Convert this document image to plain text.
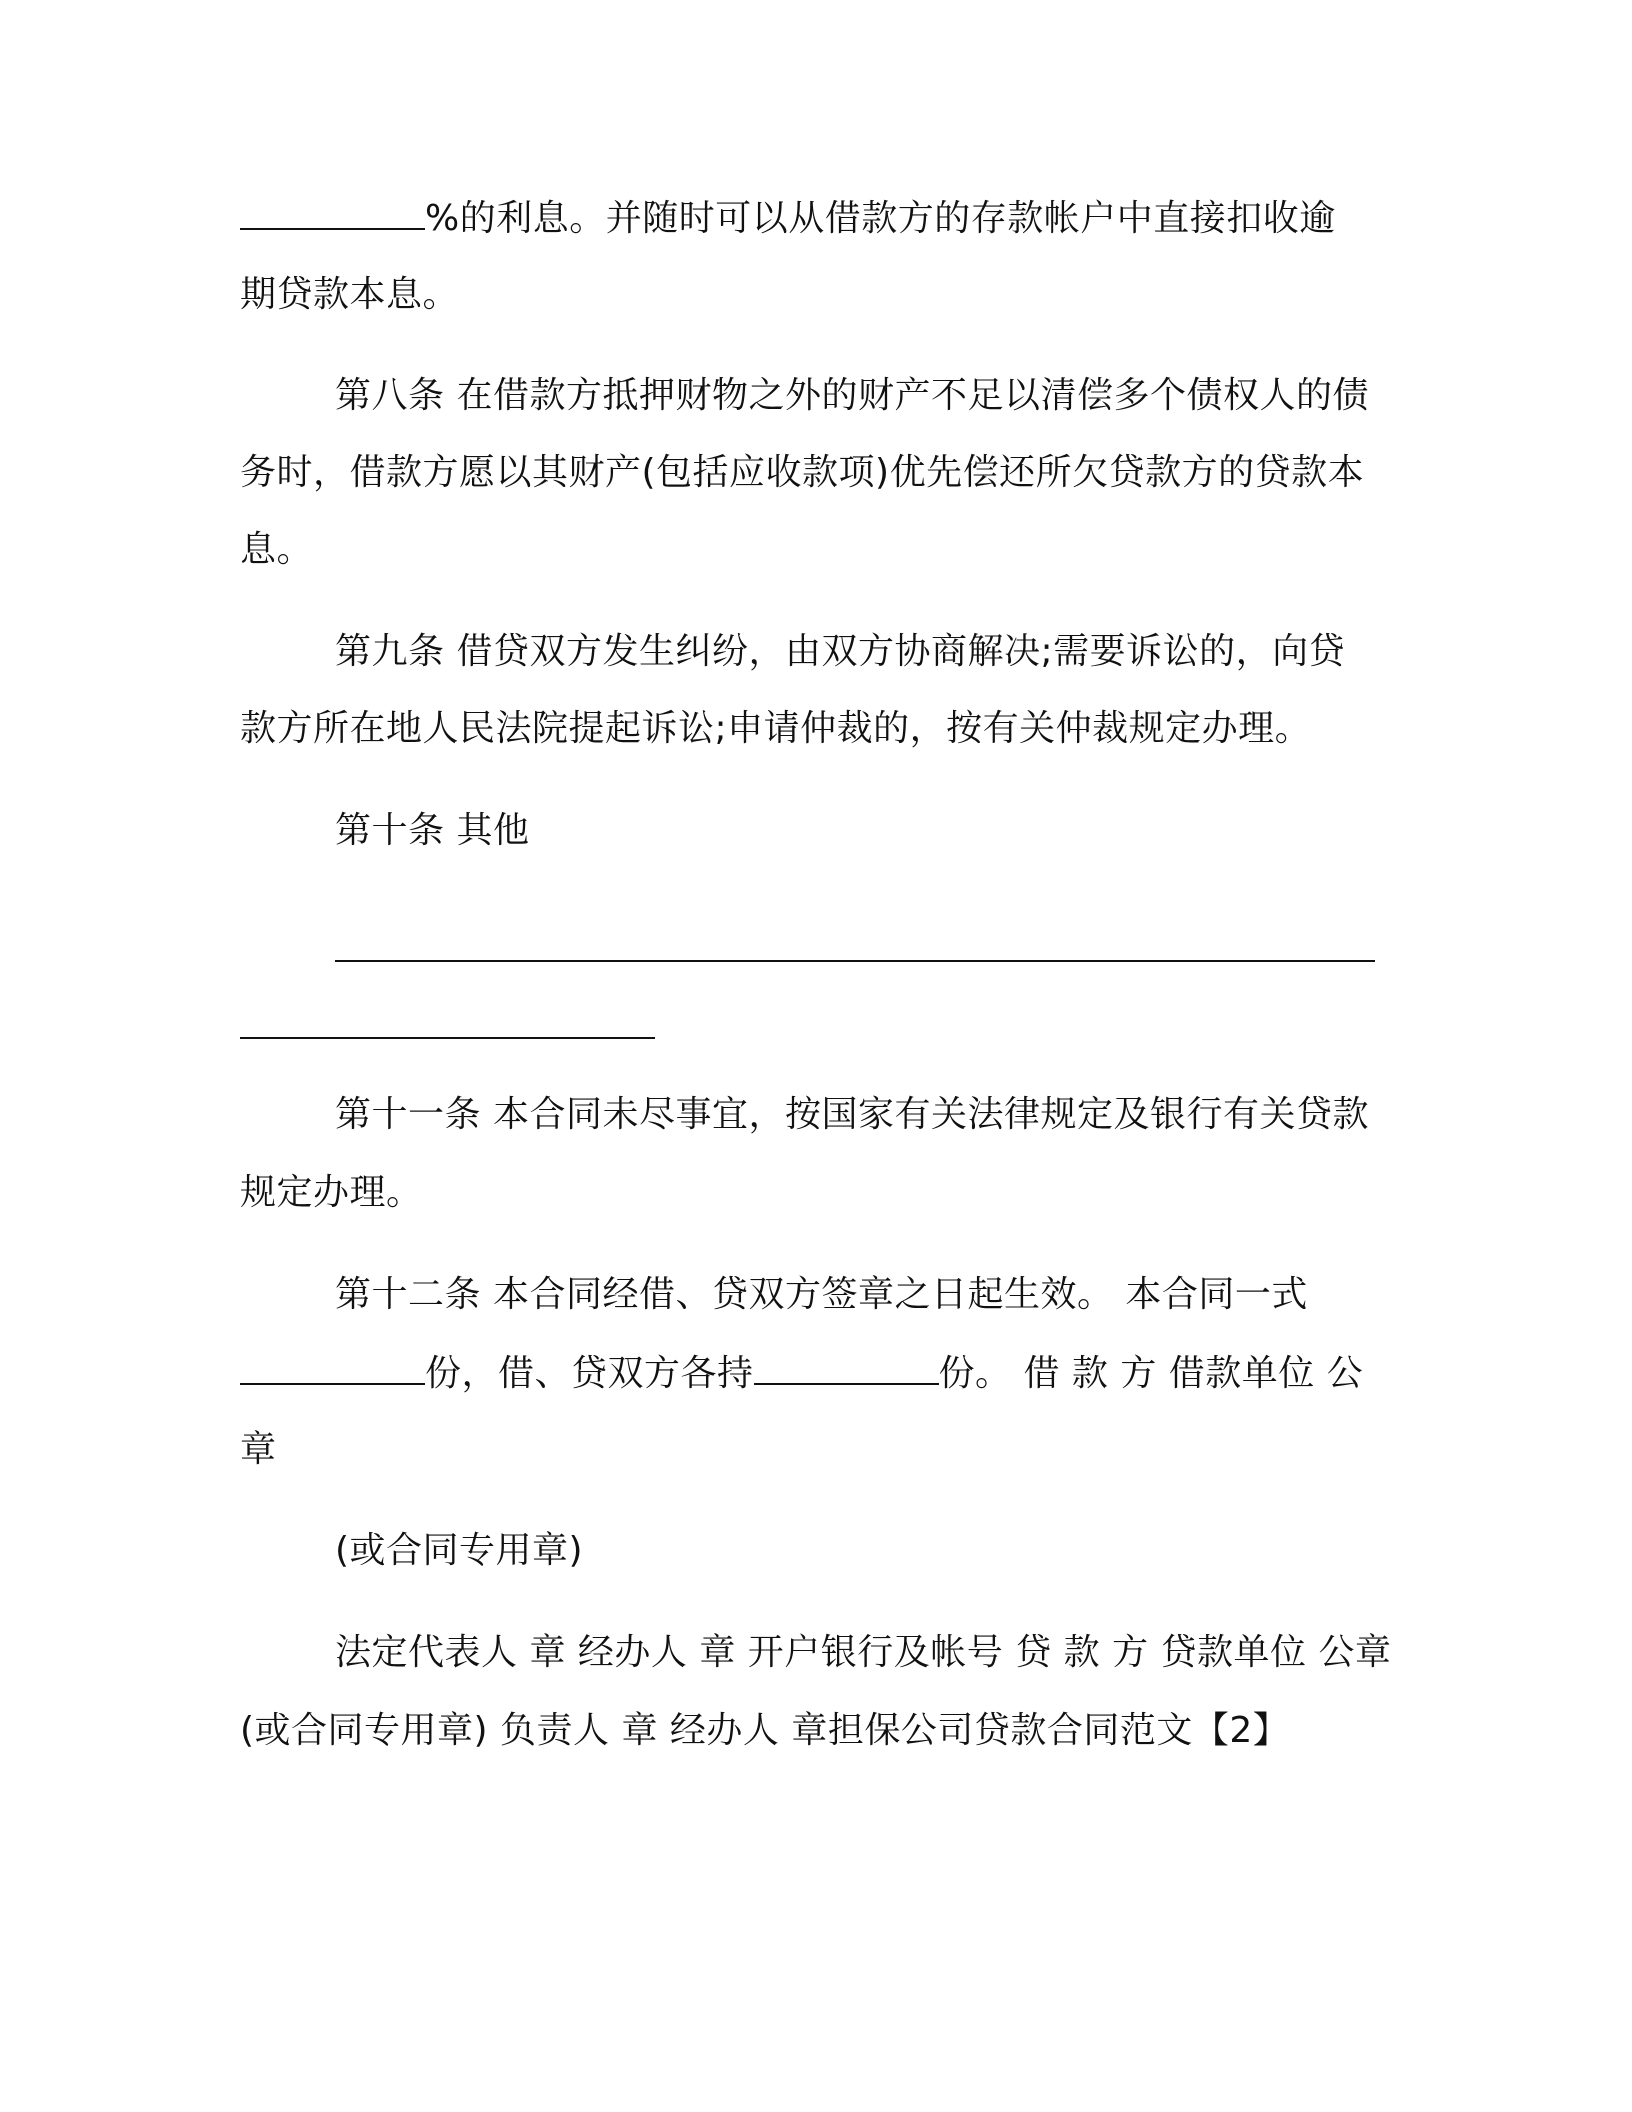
%的利息。并随时可以从借款方的存款帐户中直接扣收逾
期贷款本息。
第八条 在借款方抵押财物之外的财产不足以清偿多个债权人的债
务时，借款方愿以其财产(包括应收款项)优先偿还所欠贷款方的贷款本
息。
第九条 借贷双方发生纠纷，由双方协商解决;需要诉讼的，向贷
款方所在地人民法院提起诉讼;申请仲裁的，按有关仲裁规定办理。
第十条 其他
第十一条 本合同未尽事宜，按国家有关法律规定及银行有关贷款
规定办理。
第十二条 本合同经借、贷双方签章之日起生效。 本合同一式
份，借、贷双方各持	份。 借 款 方 借款单位 公
章
(或合同专用章)
法定代表人 章 经办人 章 开户银行及帐号 贷 款 方 贷款单位 公章
(或合同专用章) 负责人 章 经办人 章担保公司贷款合同范文【2】
